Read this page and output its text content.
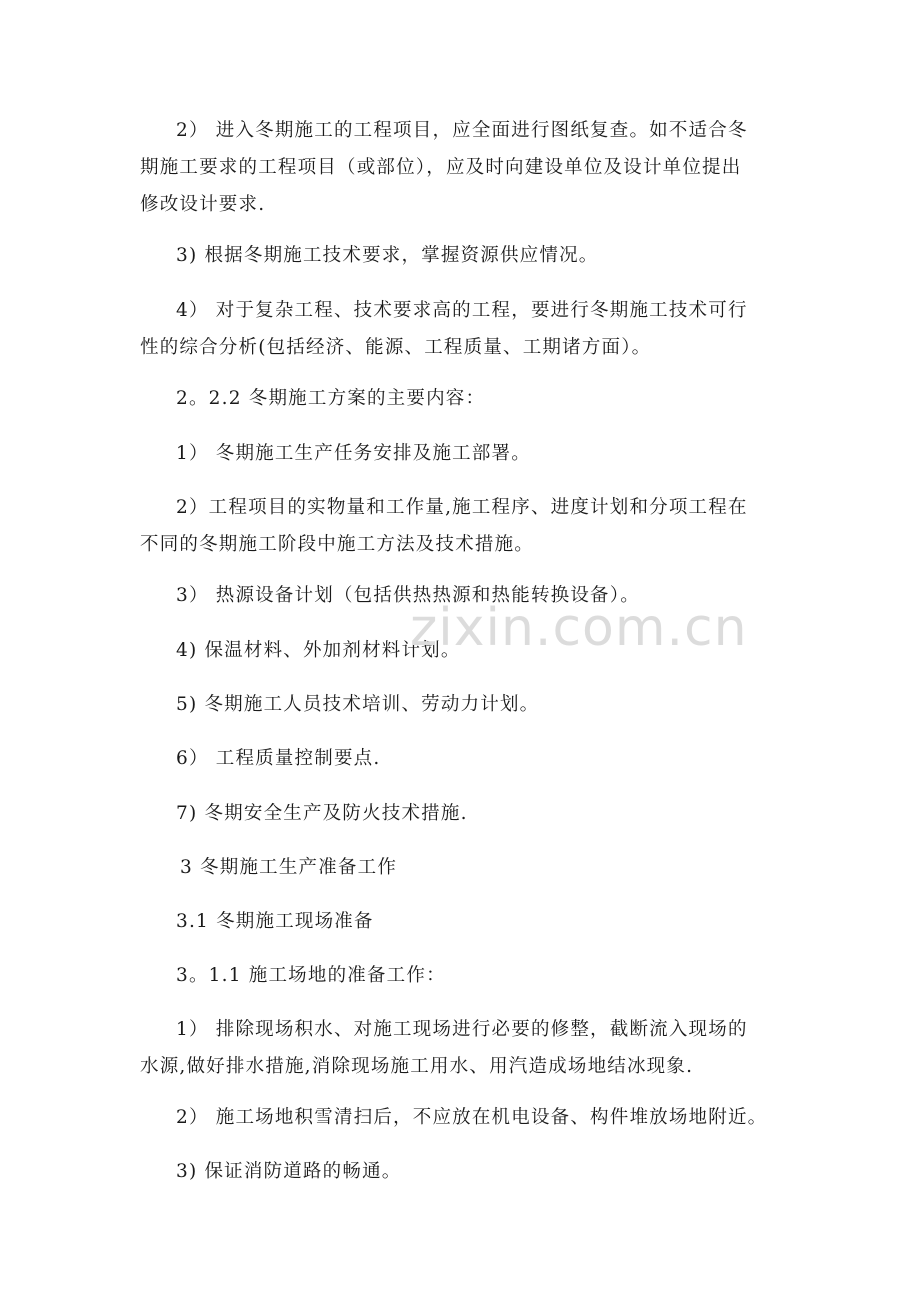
2） 进入冬期施工的工程项目，应全面进行图纸复查。如不适合冬
期施工要求的工程项目（或部位），应及时向建设单位及设计单位提出
修改设计要求.
3) 根据冬期施工技术要求，掌握资源供应情况。
4） 对于复杂工程、技术要求高的工程，要进行冬期施工技术可行
性的综合分析(包括经济、能源、工程质量、工期诸方面）。
2。2.2 冬期施工方案的主要内容：
1） 冬期施工生产任务安排及施工部署。
2）工程项目的实物量和工作量,施工程序、进度计划和分项工程在
不同的冬期施工阶段中施工方法及技术措施。
3） 热源设备计划（包括供热热源和热能转换设备）。
4) 保温材料、外加剂材料计划。
5) 冬期施工人员技术培训、劳动力计划。
6） 工程质量控制要点.
7) 冬期安全生产及防火技术措施.
3 冬期施工生产准备工作
3.1 冬期施工现场准备
3。1.1 施工场地的准备工作：
1） 排除现场积水、对施工现场进行必要的修整，截断流入现场的
水源,做好排水措施,消除现场施工用水、用汽造成场地结冰现象.
2） 施工场地积雪清扫后，不应放在机电设备、构件堆放场地附近。
3) 保证消防道路的畅通。
zixin.com.cn
